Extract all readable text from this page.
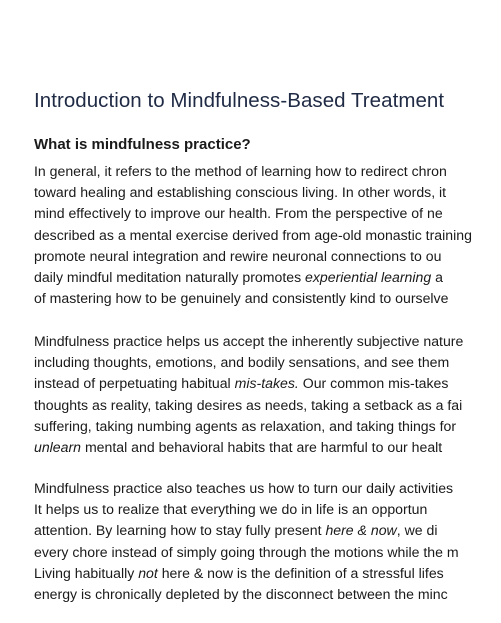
Introduction to Mindfulness-Based Treatment
What is mindfulness practice?
In general, it refers to the method of learning how to redirect chron
toward healing and establishing conscious living. In other words, it
mind effectively to improve our health. From the perspective of ne
described as a mental exercise derived from age-old monastic training
promote neural integration and rewire neuronal connections to ou
daily mindful meditation naturally promotes experiential learning a
of mastering how to be genuinely and consistently kind to ourselve
Mindfulness practice helps us accept the inherently subjective nature
including thoughts, emotions, and bodily sensations, and see them
instead of perpetuating habitual mis-takes. Our common mis-takes
thoughts as reality, taking desires as needs, taking a setback as a fai
suffering, taking numbing agents as relaxation, and taking things for
unlearn mental and behavioral habits that are harmful to our healt
Mindfulness practice also teaches us how to turn our daily activities
It helps us to realize that everything we do in life is an opportun
attention. By learning how to stay fully present here & now, we di
every chore instead of simply going through the motions while the m
Living habitually not here & now is the definition of a stressful lifes
energy is chronically depleted by the disconnect between the minc
